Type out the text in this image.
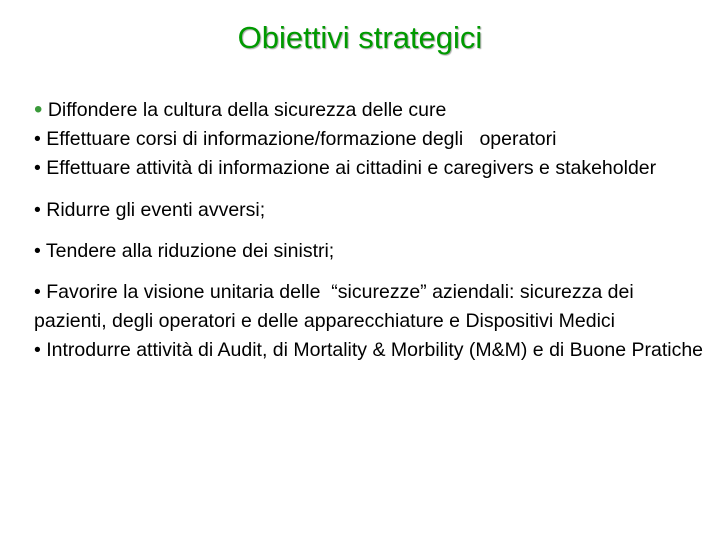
Obiettivi strategici

• Diffondere la cultura della sicurezza delle cure

• Effettuare corsi di informazione/formazione degli   operatori

• Effettuare attività di informazione ai cittadini e caregivers e stakeholder

• Ridurre gli eventi avversi;

• Tendere alla riduzione dei sinistri;

• Favorire la visione unitaria delle  “sicurezze” aziendali: sicurezza dei pazienti, degli operatori e delle apparecchiature e Dispositivi Medici

• Introdurre attività di Audit, di Mortality & Morbility (M&M) e di Buone Pratiche
